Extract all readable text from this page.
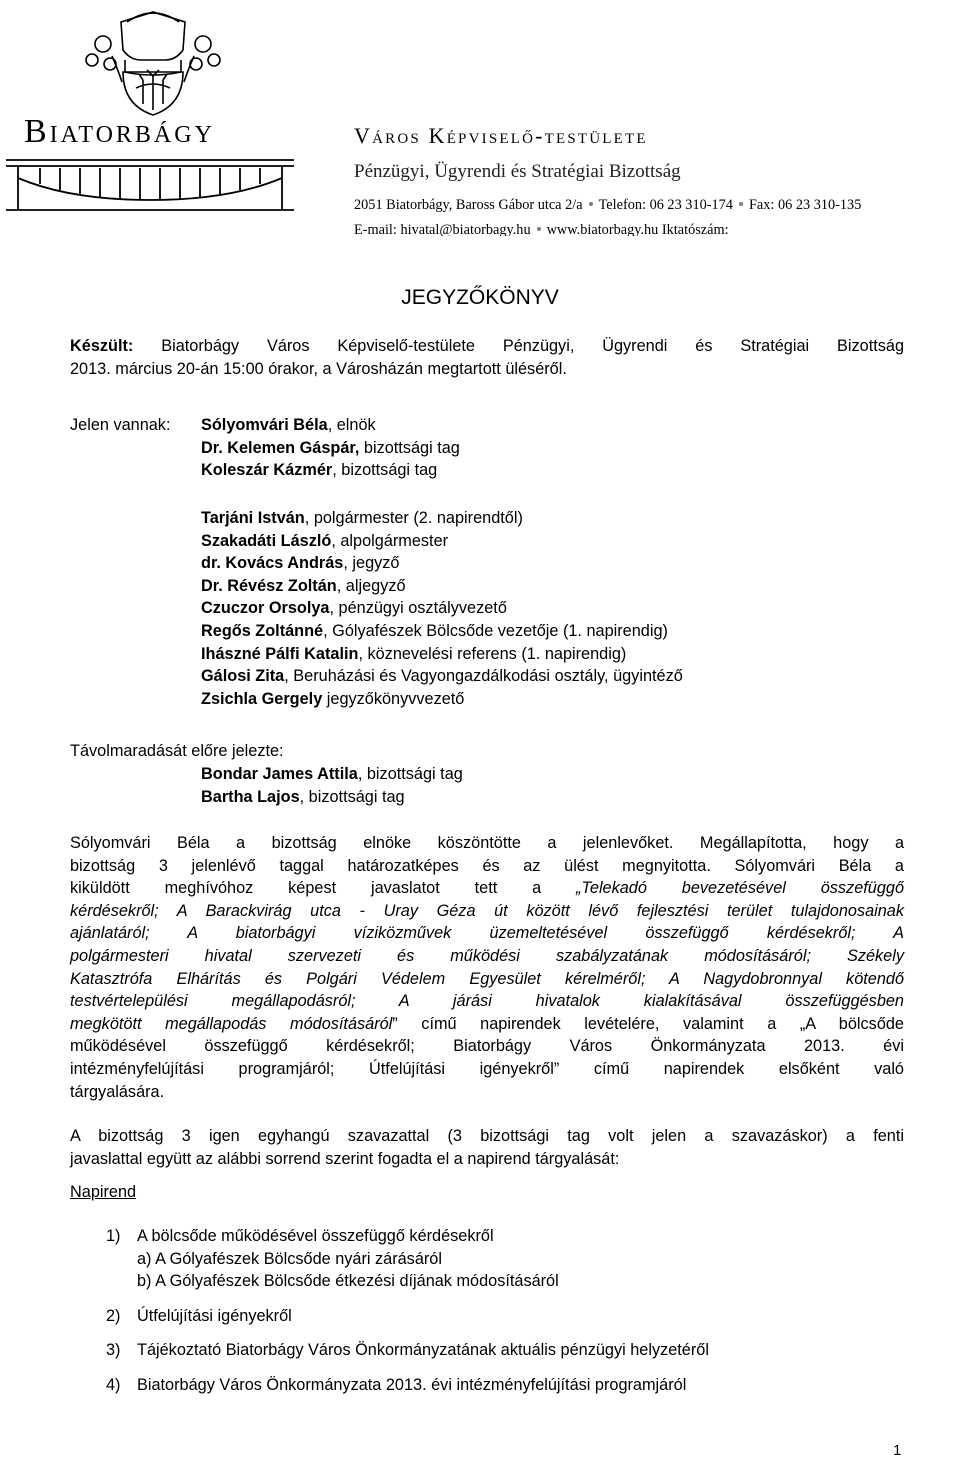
Biatorbágy	Város Képviselő-testülete
Pénzügyi, Ügyrendi és Stratégiai Bizottság
2051 Biatorbágy, Baross Gábor utca 2/a Telefon: 06 23 310-174 Fax: 06 23 310-135
E-mail: hivatal@biatorbagy.hu www.biatorbagy.hu Iktatószám:
JEGYZŐKÖNYV
Készült: Biatorbágy Város Képviselő-testülete Pénzügyi, Ügyrendi és Stratégiai Bizottság
2013. március 20-án 15:00 órakor, a Városházán megtartott üléséről.
Jelen vannak: Sólyomvári Béla, elnök
Dr. Kelemen Gáspár, bizottsági tag
Koleszár Kázmér, bizottsági tag
Tarjáni István, polgármester (2. napirendtől)
Szakadáti László, alpolgármester
dr. Kovács András, jegyző
Dr. Révész Zoltán, aljegyző
Czuczor Orsolya, pénzügyi osztályvezető
Regős Zoltánné, Gólyafészek Bölcsőde vezetője (1. napirendig)
Ihászné Pálfi Katalin, köznevelési referens (1. napirendig)
Gálosi Zita, Beruházási és Vagyongazdálkodási osztály, ügyintéző
Zsichla Gergely jegyzőkönyvvezető
Távolmaradását előre jelezte:
Bondar James Attila, bizottsági tag
Bartha Lajos, bizottsági tag
Sólyomvári Béla a bizottság elnöke köszöntötte a jelenlevőket. Megállapította, hogy a
bizottság 3 jelenlévő taggal határozatképes és az ülést megnyitotta. Sólyomvári Béla a
kiküldött meghívóhoz képest javaslatot tett a „Telekadó bevezetésével összefüggő
kérdésekről; A Barackvirág utca - Uray Géza út között lévő fejlesztési terület tulajdonosainak
ajánlatáról; A biatorbágyi víziközművek üzemeltetésével összefüggő kérdésekről; A
polgármesteri hivatal szervezeti és működési szabályzatának módosításáról; Székely
Katasztrófa Elhárítás és Polgári Védelem Egyesület kérelméről; A Nagydobronnyal kötendő
testvértelepülési megállapodásról; A járási hivatalok kialakításával összefüggésben
megkötött megállapodás módosításáról” című napirendek levételére, valamint a „A bölcsőde
működésével összefüggő kérdésekről; Biatorbágy Város Önkormányzata 2013. évi
intézményfelújítási programjáról; Útfelújítási igényekről” című napirendek elsőként való
tárgyalására.
A bizottság 3 igen egyhangú szavazattal (3 bizottsági tag volt jelen a szavazáskor) a fenti
javaslattal együtt az alábbi sorrend szerint fogadta el a napirend tárgyalását:
Napirend
1) A bölcsőde működésével összefüggő kérdésekről
a) A Gólyafészek Bölcsőde nyári zárásáról
b) A Gólyafészek Bölcsőde étkezési díjának módosításáról
2) Útfelújítási igényekről
3) Tájékoztató Biatorbágy Város Önkormányzatának aktuális pénzügyi helyzetéről
4) Biatorbágy Város Önkormányzata 2013. évi intézményfelújítási programjáról
1
